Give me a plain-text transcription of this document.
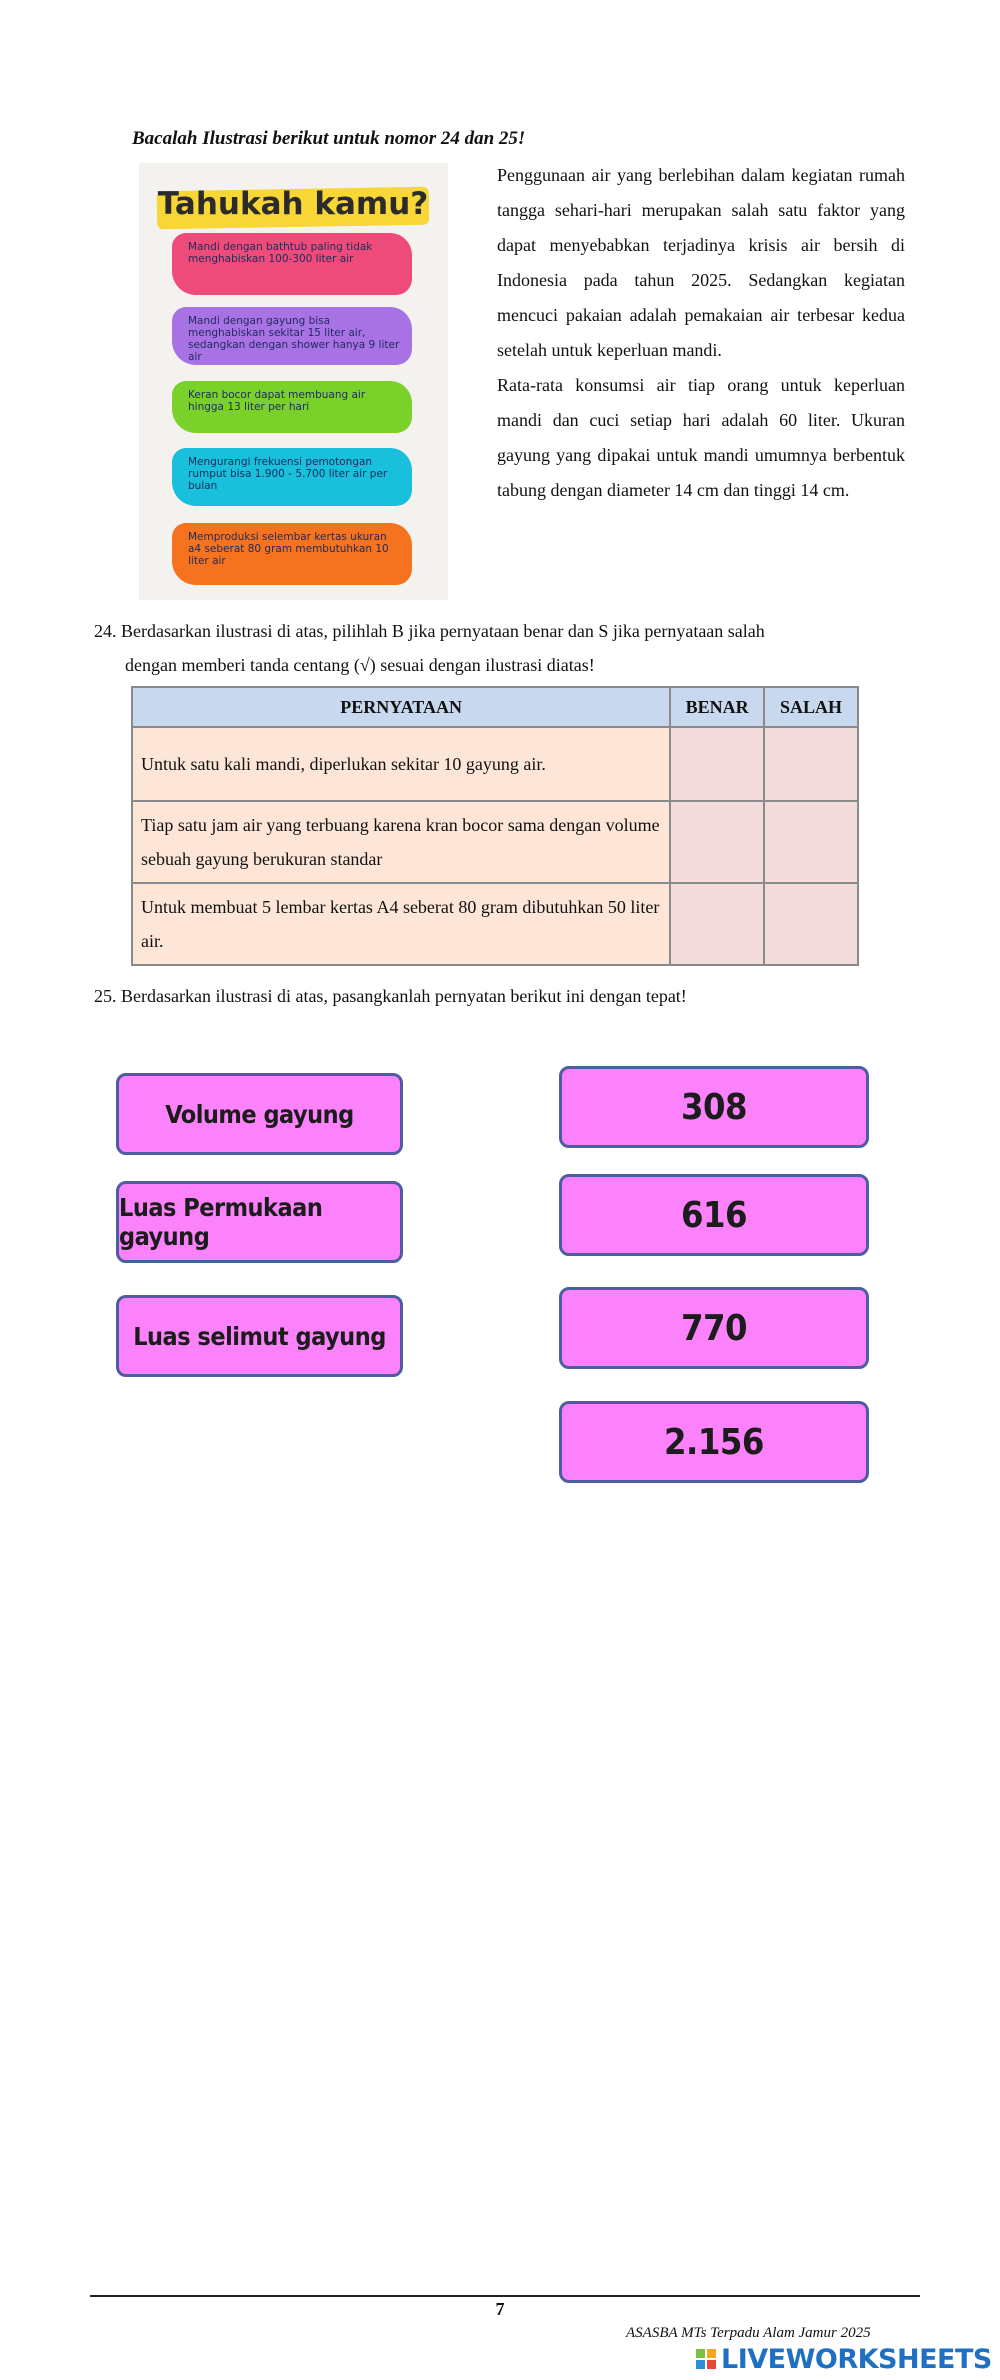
Bacalah Ilustrasi berikut untuk nomor 24 dan 25!
Tahukah kamu?
Mandi dengan bathtub paling tidak menghabiskan 100-300 liter air
Mandi dengan gayung bisa menghabiskan sekitar 15 liter air, sedangkan dengan shower hanya 9 liter air
Keran bocor dapat membuang air hingga 13 liter per hari
Mengurangi frekuensi pemotongan rumput bisa 1.900 - 5.700 liter air per bulan
Memproduksi selembar kertas ukuran a4 seberat 80 gram membutuhkan 10 liter air

Penggunaan air yang berlebihan dalam kegiatan rumah tangga sehari-hari merupakan salah satu faktor yang dapat menyebabkan terjadinya krisis air bersih di Indonesia pada tahun 2025. Sedangkan kegiatan mencuci pakaian adalah pemakaian air terbesar kedua setelah untuk keperluan mandi.

Rata-rata konsumsi air tiap orang untuk keperluan mandi dan cuci setiap hari adalah 60 liter. Ukuran gayung yang dipakai untuk mandi umumnya berbentuk tabung dengan diameter 14 cm dan tinggi 14 cm.

24. Berdasarkan ilustrasi di atas, pilihlah B jika pernyataan benar dan S jika pernyataan salah
dengan memberi tanda centang (√) sesuai dengan ilustrasi diatas!
PERNYATAAN	BENAR	SALAH
Untuk satu kali mandi, diperlukan sekitar 10 gayung air.		
Tiap satu jam air yang terbuang karena kran bocor sama dengan volume sebuah gayung berukuran standar		
Untuk membuat 5 lembar kertas A4 seberat 80 gram dibutuhkan 50 liter air.		
25. Berdasarkan ilustrasi di atas, pasangkanlah pernyatan berikut ini dengan tepat!
Volume gayung
Luas Permukaan gayung
Luas selimut gayung
308
616
770
2.156
7
ASASBA MTs Terpadu Alam Jamur 2025
LIVEWORKSHEETS
